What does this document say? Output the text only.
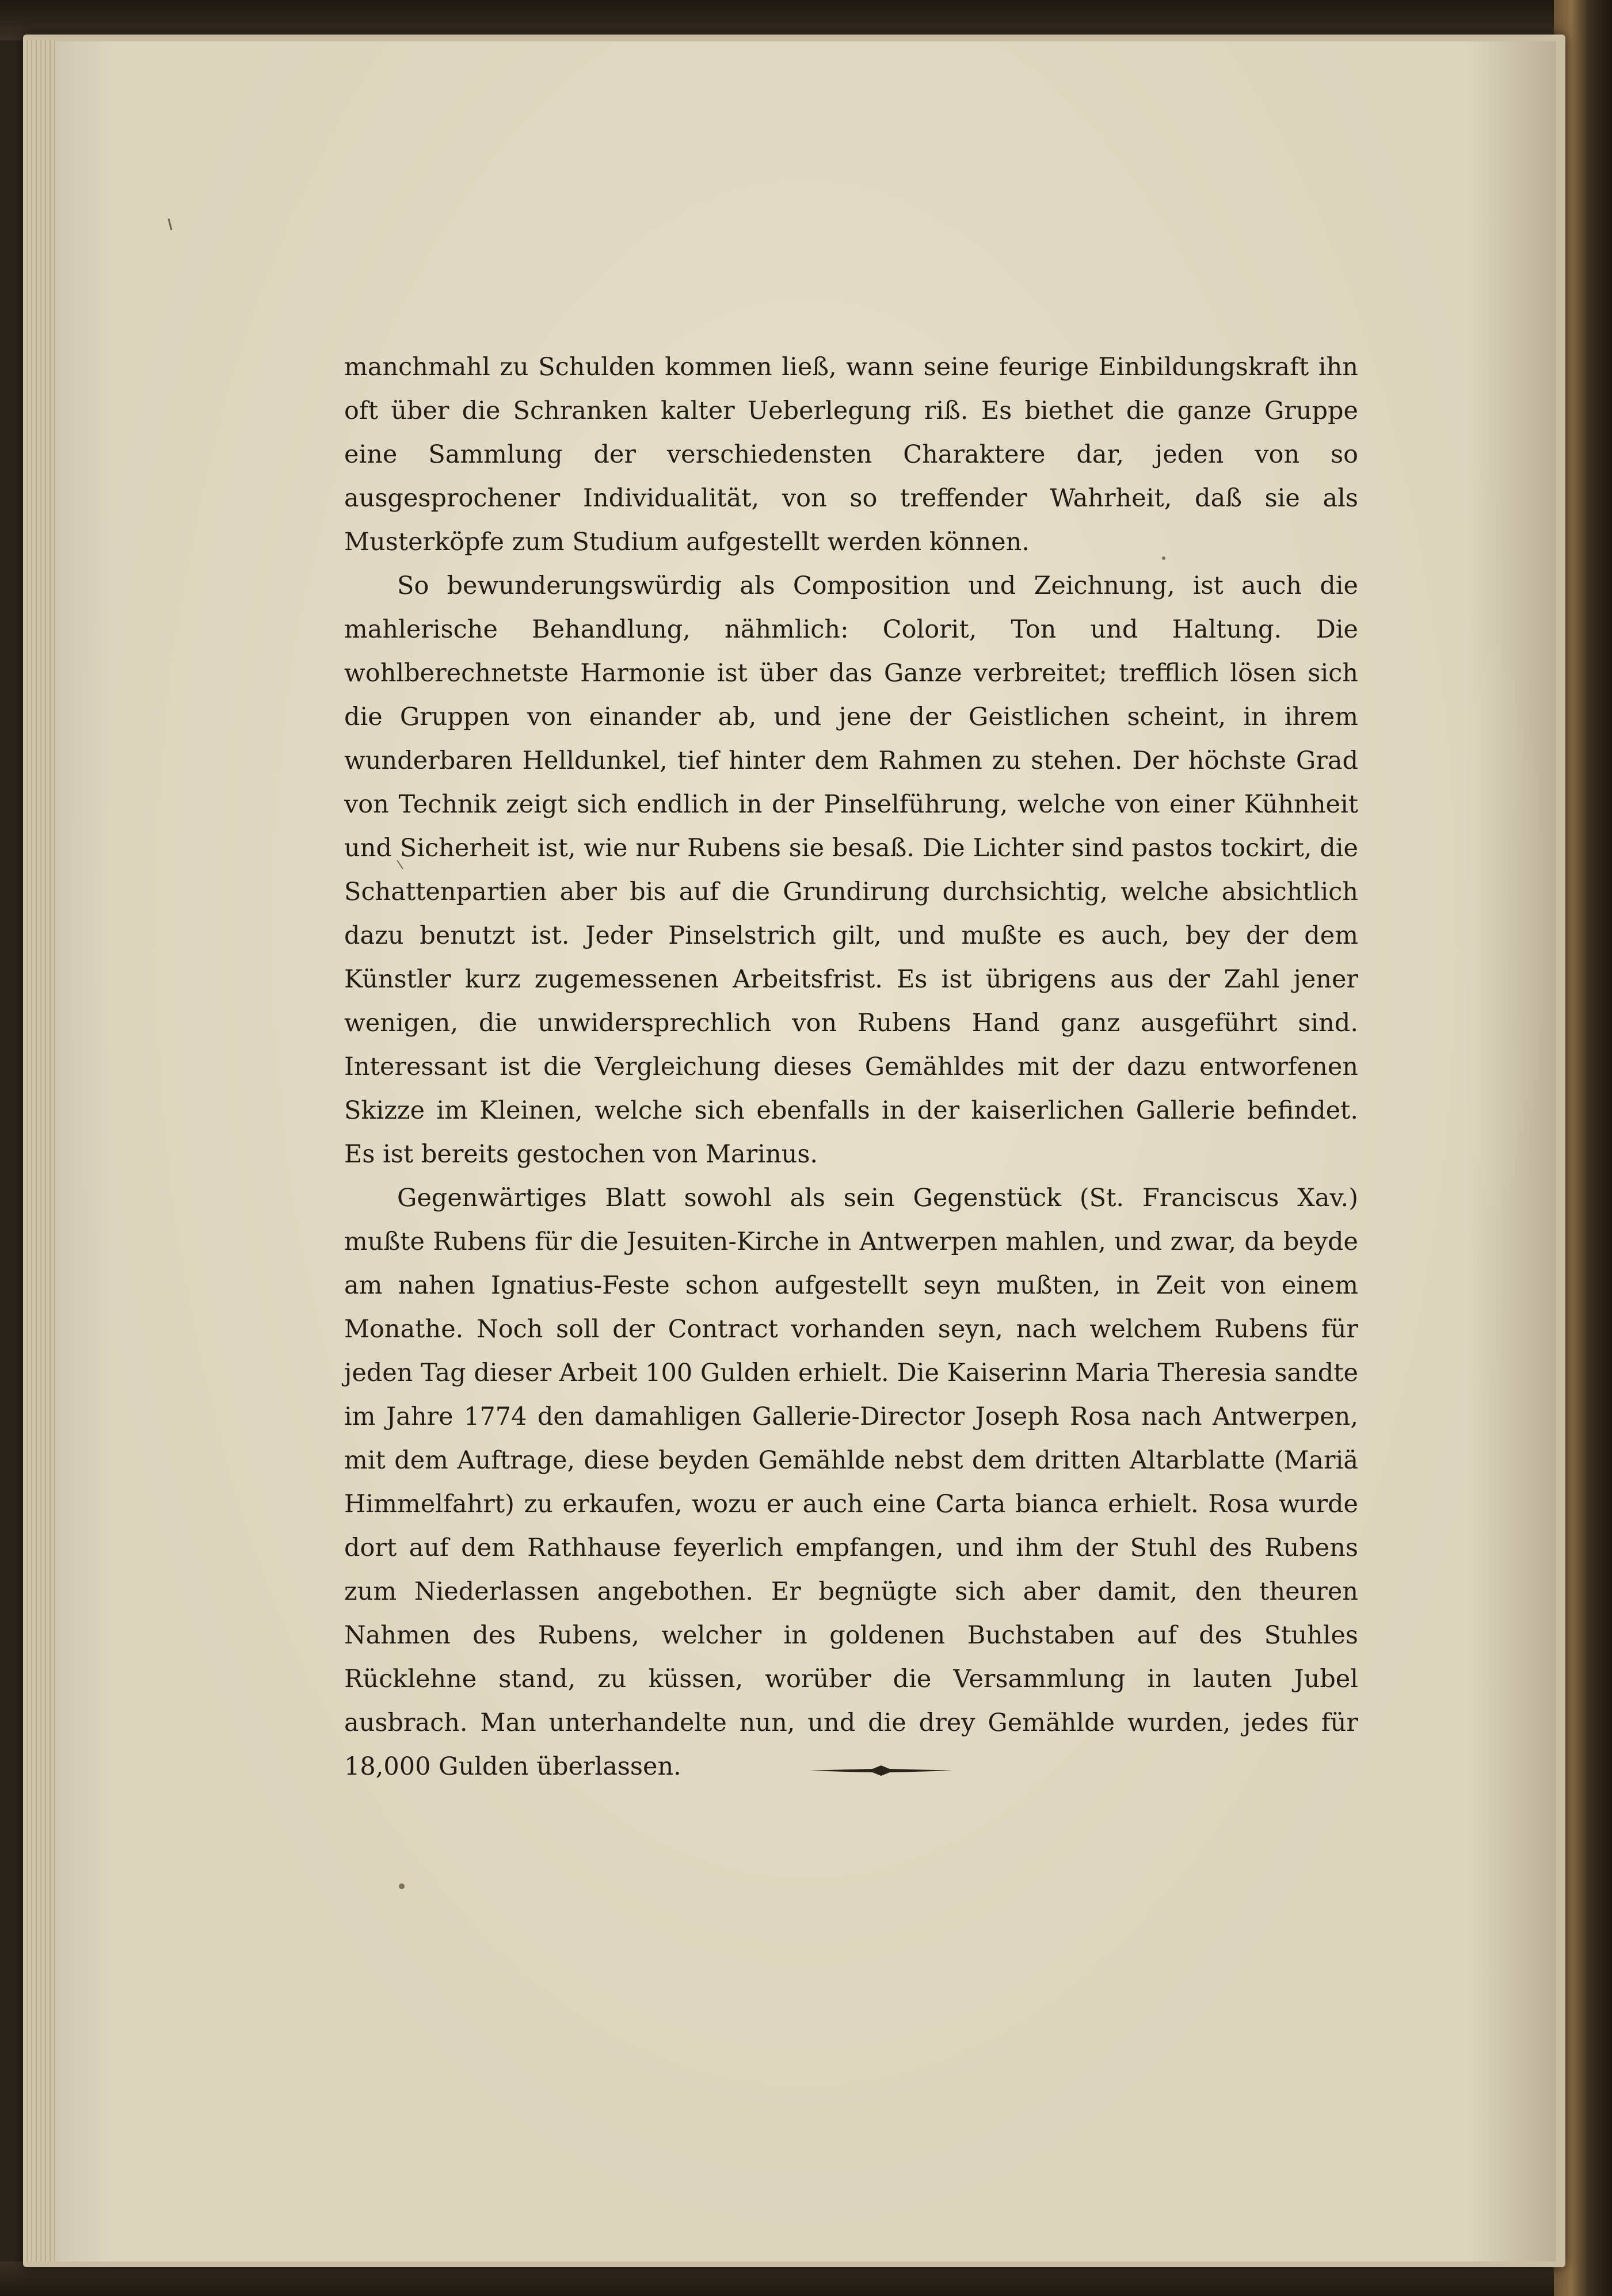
manchmahl zu Schulden kommen ließ, wann seine feurige Einbildungskraft ihn oft über die Schranken kalter Ueberlegung riß. Es biethet die ganze Gruppe eine Sammlung der verschiedensten Charaktere dar, jeden von so ausgesprochener Individualität, von so treffender Wahrheit, daß sie als Musterköpfe zum Studium aufgestellt werden können.

So bewunderungswürdig als Composition und Zeichnung, ist auch die mahlerische Behandlung, nähmlich: Colorit, Ton und Haltung. Die wohlberechnetste Harmonie ist über das Ganze verbreitet; trefflich lösen sich die Gruppen von einander ab, und jene der Geistlichen scheint, in ihrem wunderbaren Helldunkel, tief hinter dem Rahmen zu stehen. Der höchste Grad von Technik zeigt sich endlich in der Pinselführung, welche von einer Kühnheit und Sicherheit ist, wie nur Rubens sie besaß. Die Lichter sind pastos tockirt, die Schattenpartien aber bis auf die Grundirung durchsichtig, welche absichtlich dazu benutzt ist. Jeder Pinselstrich gilt, und mußte es auch, bey der dem Künstler kurz zugemessenen Arbeitsfrist. Es ist übrigens aus der Zahl jener wenigen, die unwidersprechlich von Rubens Hand ganz ausgeführt sind. Interessant ist die Vergleichung dieses Gemähldes mit der dazu entworfenen Skizze im Kleinen, welche sich ebenfalls in der kaiserlichen Gallerie befindet. Es ist bereits gestochen von Marinus.

Gegenwärtiges Blatt sowohl als sein Gegenstück (St. Franciscus Xav.) mußte Rubens für die Jesuiten-Kirche in Antwerpen mahlen, und zwar, da beyde am nahen Ignatius-Feste schon aufgestellt seyn mußten, in Zeit von einem Monathe. Noch soll der Contract vorhanden seyn, nach welchem Rubens für jeden Tag dieser Arbeit 100 Gulden erhielt. Die Kaiserinn Maria Theresia sandte im Jahre 1774 den damahligen Gallerie-Director Joseph Rosa nach Antwerpen, mit dem Auftrage, diese beyden Gemählde nebst dem dritten Altarblatte (Mariä Himmelfahrt) zu erkaufen, wozu er auch eine Carta bianca erhielt. Rosa wurde dort auf dem Rathhause feyerlich empfangen, und ihm der Stuhl des Rubens zum Niederlassen angebothen. Er begnügte sich aber damit, den theuren Nahmen des Rubens, welcher in goldenen Buchstaben auf des Stuhles Rücklehne stand, zu küssen, worüber die Versammlung in lauten Jubel ausbrach. Man unterhandelte nun, und die drey Gemählde wurden, jedes für 18,000 Gulden überlassen.
